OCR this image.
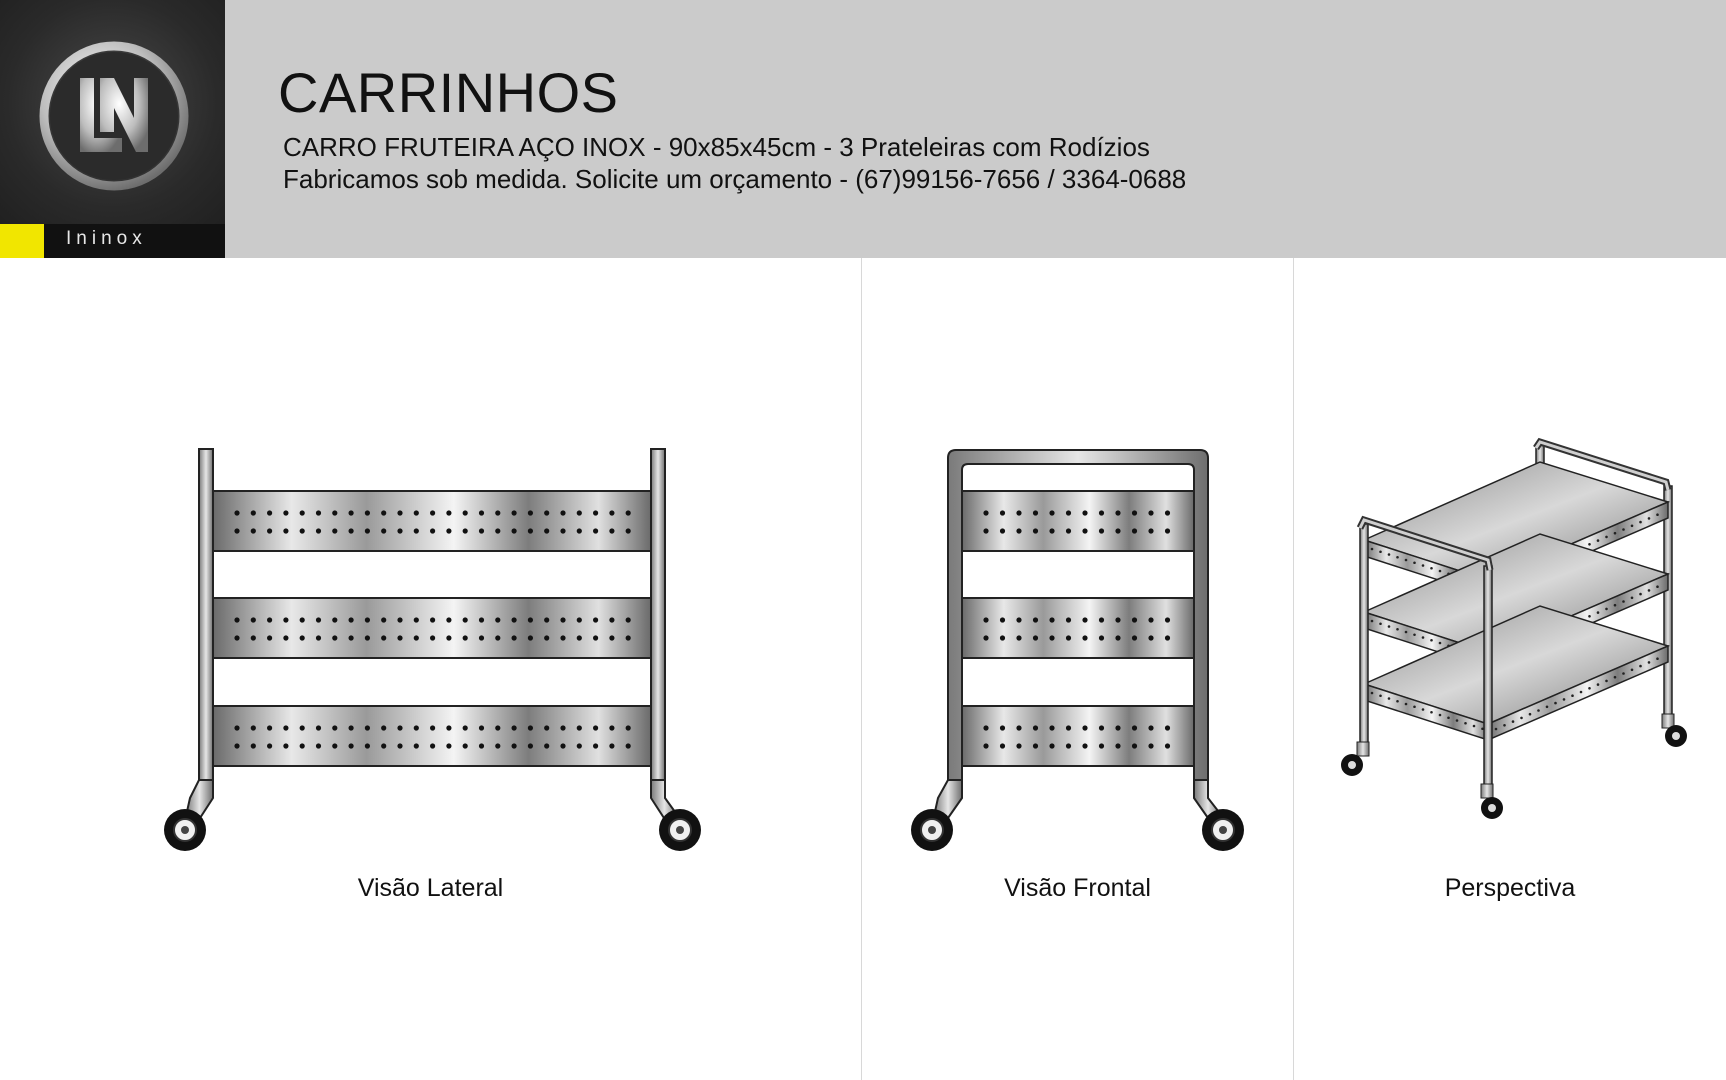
Ininox
CARRINHOS
CARRO FRUTEIRA AÇO INOX - 90x85x45cm - 3 Prateleiras com Rodízios
Fabricamos sob medida. Solicite um orçamento - (67)99156-7656 / 3364-0688
Visão Lateral	Visão Frontal	Perspectiva
